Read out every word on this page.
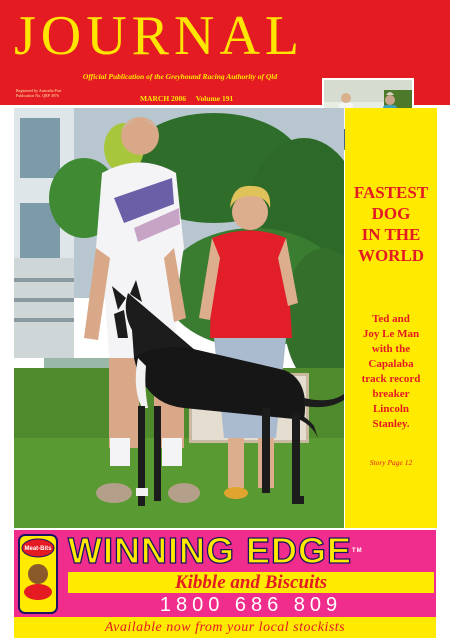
JOURNAL
Official Publication of the Greyhound Racing Authority of Qld
Registered by Australia Post
Publication No. QBP 4976	MARCH 2006 Volume 191
FASTEST
DOG
IN THE
WORLD
Ted and
Joy Le Man
with the
Capalaba
track record
breaker
Lincoln
Stanley.
Story Page 12
Meat-Bits WINNING EDGE™
Kibble and Biscuits
1800 686 809
Available now from your local stockists
